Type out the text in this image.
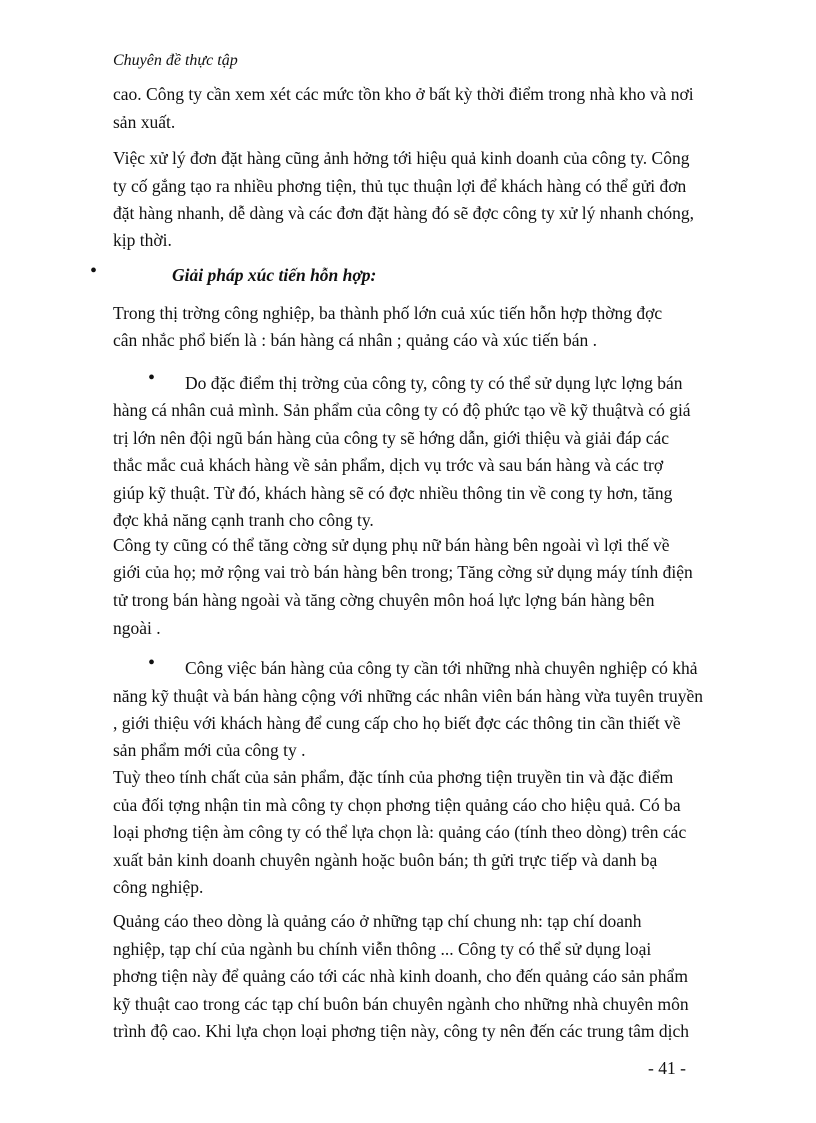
Chuyên đề thực tập
cao. Công ty cần xem xét các mức tồn kho ở bất kỳ thời điểm trong nhà kho và nơi
sản xuất.
Việc xử lý đơn đặt hàng cũng ảnh hởng tới hiệu quả kinh doanh của công ty. Công
ty cố gắng tạo ra nhiều phơng tiện, thủ tục thuận lợi để khách hàng có thể gửi đơn
đặt hàng nhanh, dễ dàng và các đơn đặt hàng đó sẽ đợc công ty xử lý nhanh chóng,
kịp thời.
•	Giải pháp xúc tiến hỗn hợp:
Trong thị trờng công nghiệp, ba thành phố lớn cuả xúc tiến hỗn hợp thờng đợc
cân nhắc phổ biến là : bán hàng cá nhân ; quảng cáo và xúc tiến bán .
• Do đặc điểm thị trờng của công ty, công ty có thể sử dụng lực lợng bán
hàng cá nhân cuả mình. Sản phẩm của công ty có độ phức tạo về kỹ thuậtvà có giá
trị lớn nên đội ngũ bán hàng của công ty sẽ hớng dẫn, giới thiệu và giải đáp các
thắc mắc cuả khách hàng về sản phẩm, dịch vụ trớc và sau bán hàng và các trợ
giúp kỹ thuật. Từ đó, khách hàng sẽ có đợc nhiều thông tin về cong ty hơn, tăng
đợc khả năng cạnh tranh cho công ty.
Công ty cũng có thể tăng cờng sử dụng phụ nữ bán hàng bên ngoài vì lợi thế về
giới của họ; mở rộng vai trò bán hàng bên trong; Tăng cờng sử dụng máy tính điện
tử trong bán hàng ngoài và tăng cờng chuyên môn hoá lực lợng bán hàng bên
ngoài .
• Công việc bán hàng của công ty cần tới những nhà chuyên nghiệp có khả
năng kỹ thuật và bán hàng cộng với những các nhân viên bán hàng vừa tuyên truyền
, giới thiệu với khách hàng để cung cấp cho họ biết đợc các thông tin cần thiết về
sản phẩm mới của công ty .
Tuỳ theo tính chất của sản phẩm, đặc tính của phơng tiện truyền tin và đặc điểm
của đối tợng nhận tin mà công ty chọn phơng tiện quảng cáo cho hiệu quả. Có ba
loại phơng tiện àm công ty có thể lựa chọn là: quảng cáo (tính theo dòng) trên các
xuất bản kinh doanh chuyên ngành hoặc buôn bán; th gửi trực tiếp và danh bạ
công nghiệp.
Quảng cáo theo dòng là quảng cáo ở những tạp chí chung nh: tạp chí doanh
nghiệp, tạp chí của ngành bu chính viễn thông ... Công ty có thể sử dụng loại
phơng tiện này để quảng cáo tới các nhà kinh doanh, cho đến quảng cáo sản phẩm
kỹ thuật cao trong các tạp chí buôn bán chuyên ngành cho những nhà chuyên môn
trình độ cao. Khi lựa chọn loại phơng tiện này, công ty nên đến các trung tâm dịch
- 41 -
